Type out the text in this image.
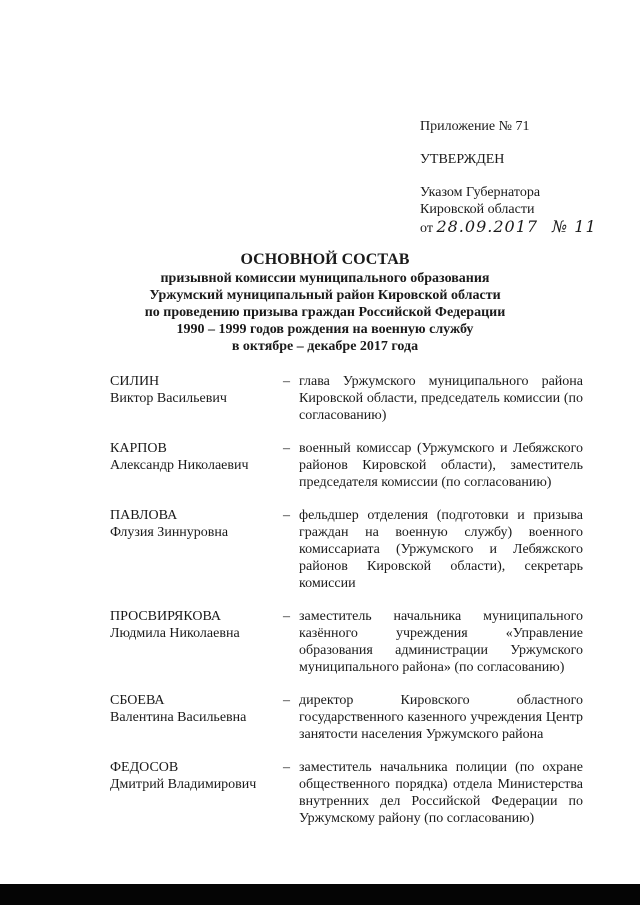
Приложение № 71
УТВЕРЖДЕН
Указом Губернатора
Кировской области
от 28.09.2017 № 11
ОСНОВНОЙ СОСТАВ
призывной комиссии муниципального образования
Уржумский муниципальный район Кировской области
по проведению призыва граждан Российской Федерации
1990 – 1999 годов рождения на военную службу
в октябре – декабре 2017 года
СИЛИН
Виктор Васильевич
– глава Уржумского муниципального района Кировской области, председатель комиссии (по согласованию)
КАРПОВ
Александр Николаевич
– военный комиссар (Уржумского и Лебяжского районов Кировской области), заместитель председателя комиссии (по согласованию)
ПАВЛОВА
Флузия Зиннуровна
– фельдшер отделения (подготовки и призыва граждан на военную службу) военного комиссариата (Уржумского и Лебяжского районов Кировской области), секретарь комиссии
ПРОСВИРЯКОВА
Людмила Николаевна
– заместитель начальника муниципального казённого учреждения «Управление образования администрации Уржумского муниципального района» (по согласованию)
СБОЕВА
Валентина Васильевна
– директор Кировского областного государственного казенного учреждения Центр занятости населения Уржумского района
ФЕДОСОВ
Дмитрий Владимирович
– заместитель начальника полиции (по охране общественного порядка) отдела Министерства внутренних дел Российской Федерации по Уржумскому району (по согласованию)
